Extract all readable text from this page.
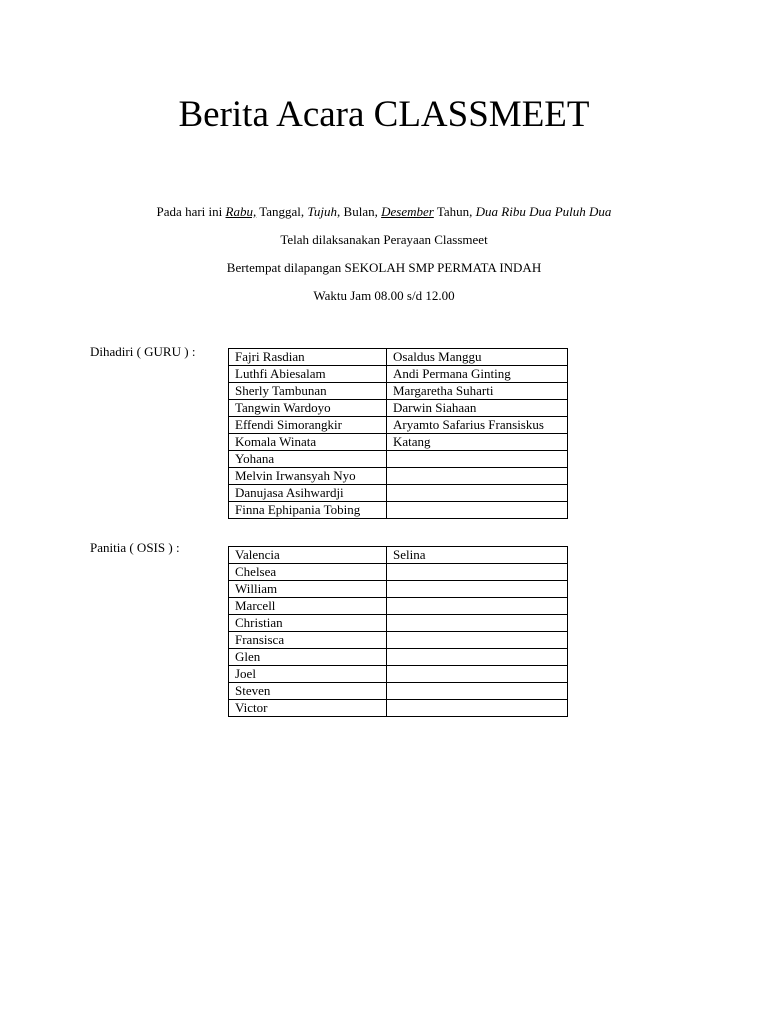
Berita Acara CLASSMEET
Pada hari ini Rabu, Tanggal, Tujuh, Bulan, Desember Tahun, Dua Ribu Dua Puluh Dua
Telah dilaksanakan Perayaan Classmeet
Bertempat dilapangan SEKOLAH SMP PERMATA INDAH
Waktu Jam 08.00 s/d 12.00
Dihadiri ( GURU ) :	Fajri Rasdian	Osaldus Manggu
Luthfi Abiesalam	Andi Permana Ginting
Sherly Tambunan	Margaretha Suharti
Tangwin Wardoyo	Darwin Siahaan
Effendi Simorangkir	Aryamto Safarius Fransiskus
Komala Winata	Katang
Yohana	
Melvin Irwansyah Nyo	
Danujasa Asihwardji	
Finna Ephipania Tobing	
Panitia ( OSIS ) :	Valencia	Selina
Chelsea	
William	
Marcell	
Christian	
Fransisca	
Glen	
Joel	
Steven	
Victor	
